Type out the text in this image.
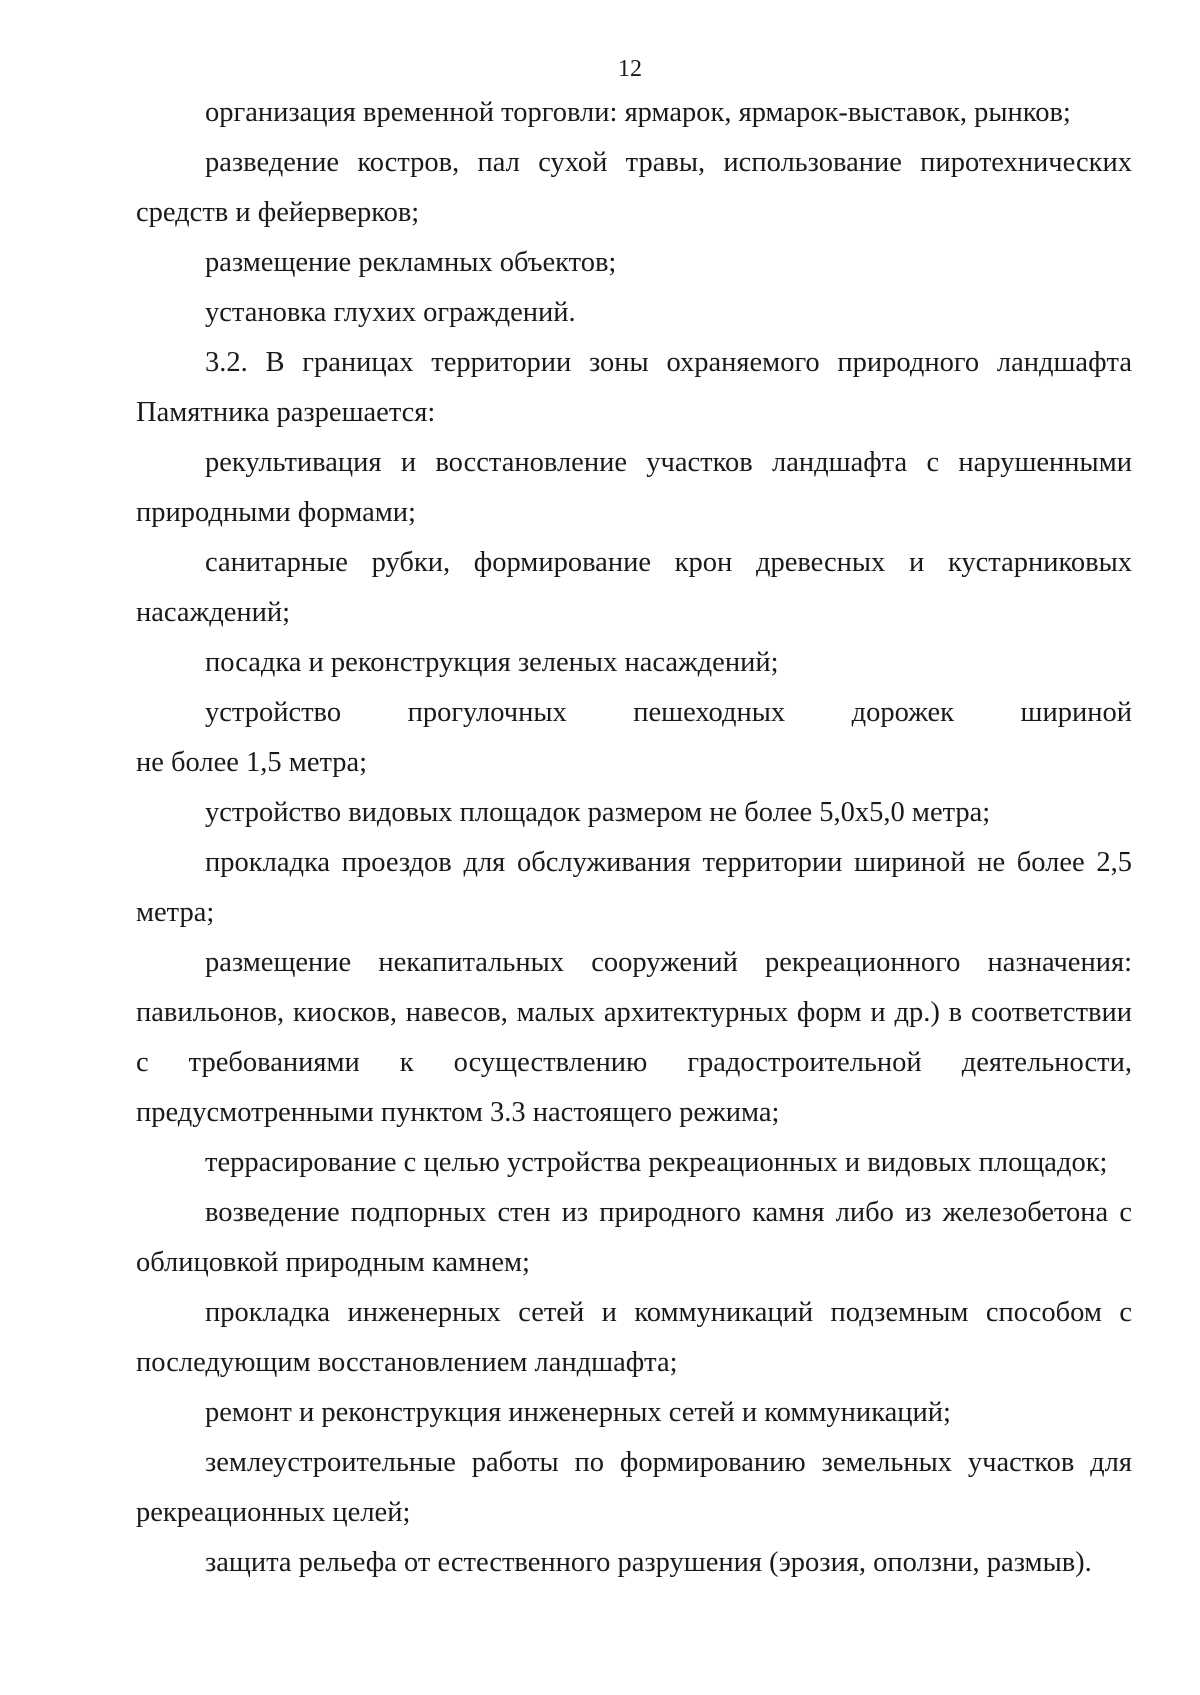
12

организация временной торговли: ярмарок, ярмарок-выставок, рынков;

разведение костров, пал сухой травы, использование пиротехнических средств и фейерверков;

размещение рекламных объектов;

установка глухих ограждений.

3.2. В границах территории зоны охраняемого природного ландшафта Памятника разрешается:

рекультивация и восстановление участков ландшафта с нарушенными природными формами;

санитарные рубки, формирование крон древесных и кустарниковых насаждений;

посадка и реконструкция зеленых насаждений;

устройство прогулочных пешеходных дорожек шириной

не более 1,5 метра;

устройство видовых площадок размером не более 5,0х5,0 метра;

прокладка проездов для обслуживания территории шириной не более 2,5 метра;

размещение некапитальных сооружений рекреационного назначения: павильонов, киосков, навесов, малых архитектурных форм и др.) в соответствии с требованиями к осуществлению градостроительной деятельности, предусмотренными пунктом 3.3 настоящего режима;

террасирование с целью устройства рекреационных и видовых площадок;

возведение подпорных стен из природного камня либо из железобетона с облицовкой природным камнем;

прокладка инженерных сетей и коммуникаций подземным способом с последующим восстановлением ландшафта;

ремонт и реконструкция инженерных сетей и коммуникаций;

землеустроительные работы по формированию земельных участков для рекреационных целей;

защита рельефа от естественного разрушения (эрозия, оползни, размыв).
